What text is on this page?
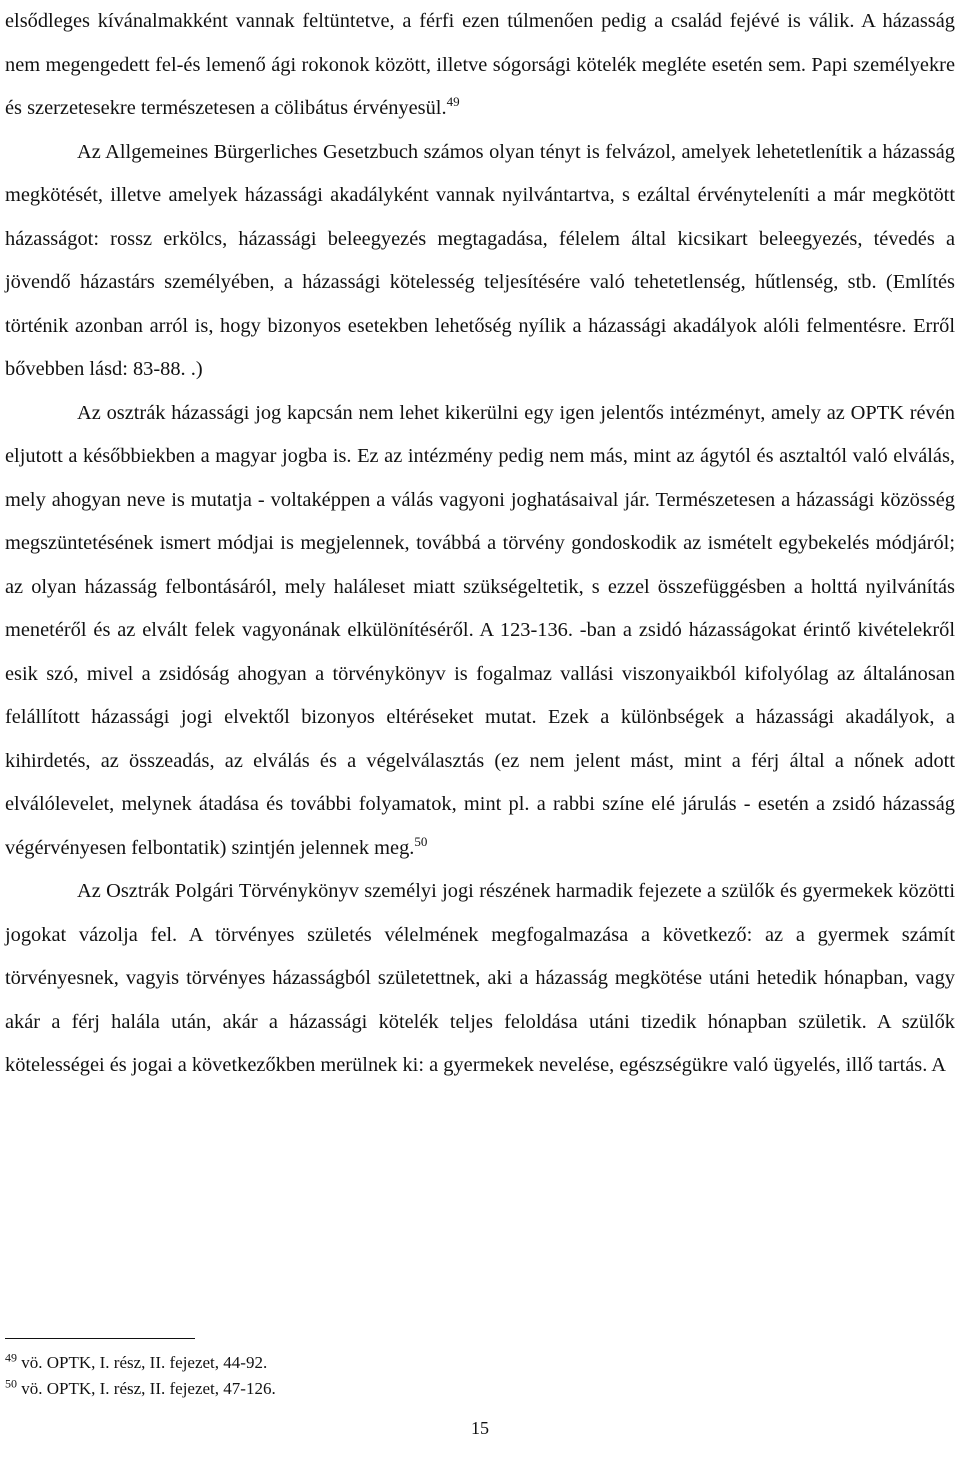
elsődleges kívánalmakként vannak feltüntetve, a férfi ezen túlmenően pedig a család fejévé is válik. A házasság nem megengedett fel-és lemenő ági rokonok között, illetve sógorsági kötelék megléte esetén sem. Papi személyekre és szerzetesekre természetesen a cölibátus érvényesül.$^{49}$

Az Allgemeines Bürgerliches Gesetzbuch számos olyan tényt is felvázol, amelyek lehetetlenítik a házasság megkötését, illetve amelyek házassági akadályként vannak nyilvántartva, s ezáltal érvényteleníti a már megkötött házasságot: rossz erkölcs, házassági beleegyezés megtagadása, félelem által kicsikart beleegyezés, tévedés a jövendő házastárs személyében, a házassági kötelesség teljesítésére való tehetetlenség, hűtlenség, stb. (Említés történik azonban arról is, hogy bizonyos esetekben lehetőség nyílik a házassági akadályok alóli felmentésre. Erről bővebben lásd: 83-88. .)

Az osztrák házassági jog kapcsán nem lehet kikerülni egy igen jelentős intézményt, amely az OPTK révén eljutott a későbbiekben a magyar jogba is. Ez az intézmény pedig nem más, mint az ágytól és asztaltól való elválás, mely ahogyan neve is mutatja - voltaképpen a válás vagyoni joghatásaival jár. Természetesen a házassági közösség megszüntetésének ismert módjai is megjelennek, továbbá a törvény gondoskodik az ismételt egybekelés módjáról; az olyan házasság felbontásáról, mely haláleset miatt szükségeltetik, s ezzel összefüggésben a holttá nyilvánítás menetéről és az elvált felek vagyonának elkülönítéséről. A 123-136. -ban a zsidó házasságokat érintő kivételekről esik szó, mivel a zsidóság ahogyan a törvénykönyv is fogalmaz vallási viszonyaikból kifolyólag az általánosan felállított házassági jogi elvektől bizonyos eltéréseket mutat. Ezek a különbségek a házassági akadályok, a kihirdetés, az összeadás, az elválás és a végelválasztás (ez nem jelent mást, mint a férj által a nőnek adott elválólevelet, melynek átadása és további folyamatok, mint pl. a rabbi színe elé járulás - esetén a zsidó házasság végérvényesen felbontatik) szintjén jelennek meg.$^{50}$

Az Osztrák Polgári Törvénykönyv személyi jogi részének harmadik fejezete a szülők és gyermekek közötti jogokat vázolja fel. A törvényes születés vélelmének megfogalmazása a következő: az a gyermek számít törvényesnek, vagyis törvényes házasságból születettnek, aki a házasság megkötése utáni hetedik hónapban, vagy akár a férj halála után, akár a házassági kötelék teljes feloldása utáni tizedik hónapban születik. A szülők kötelességei és jogai a következőkben merülnek ki: a gyermekek nevelése, egészségükre való ügyelés, illő tartás. A

$^{49}$ vö. OPTK, I. rész, II. fejezet, 44-92.
$^{50}$ vö. OPTK, I. rész, II. fejezet, 47-126.
15
